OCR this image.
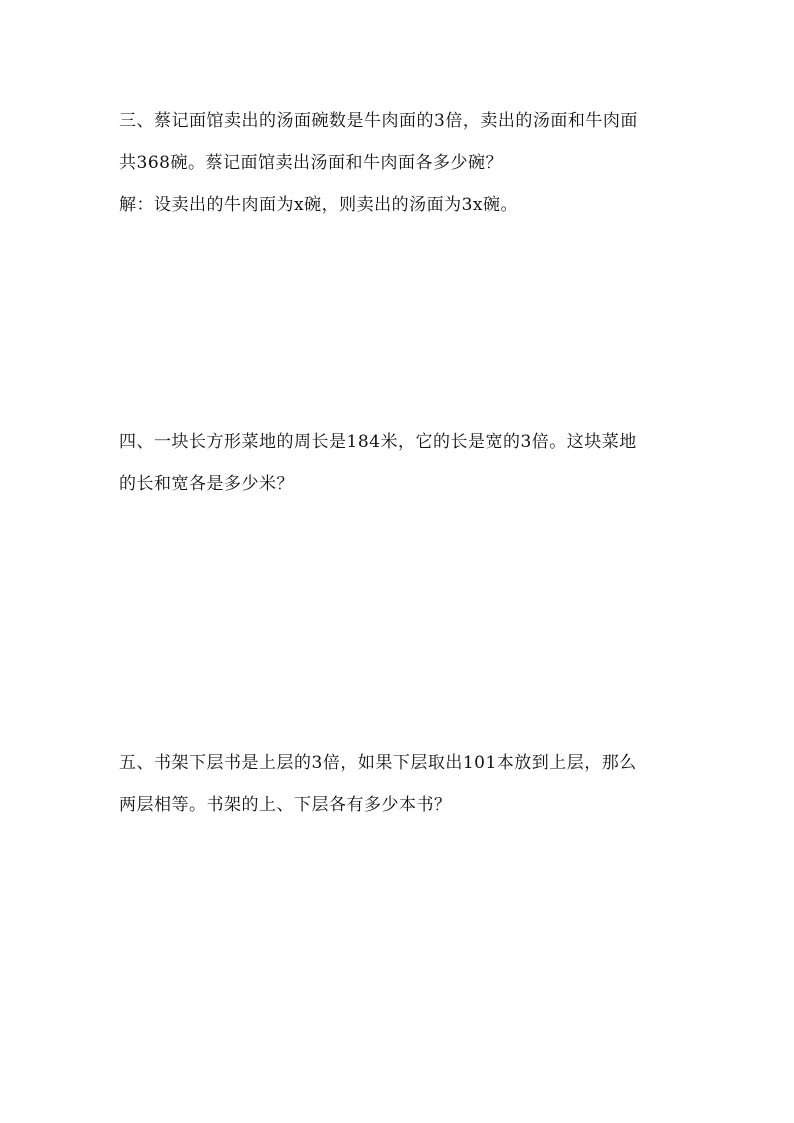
三、蔡记面馆卖出的汤面碗数是牛肉面的3倍，卖出的汤面和牛肉面
共368碗。蔡记面馆卖出汤面和牛肉面各多少碗？
解：设卖出的牛肉面为x碗，则卖出的汤面为3x碗。
四、一块长方形菜地的周长是184米，它的长是宽的3倍。这块菜地
的长和宽各是多少米？
五、书架下层书是上层的3倍，如果下层取出101本放到上层，那么
两层相等。书架的上、下层各有多少本书？
